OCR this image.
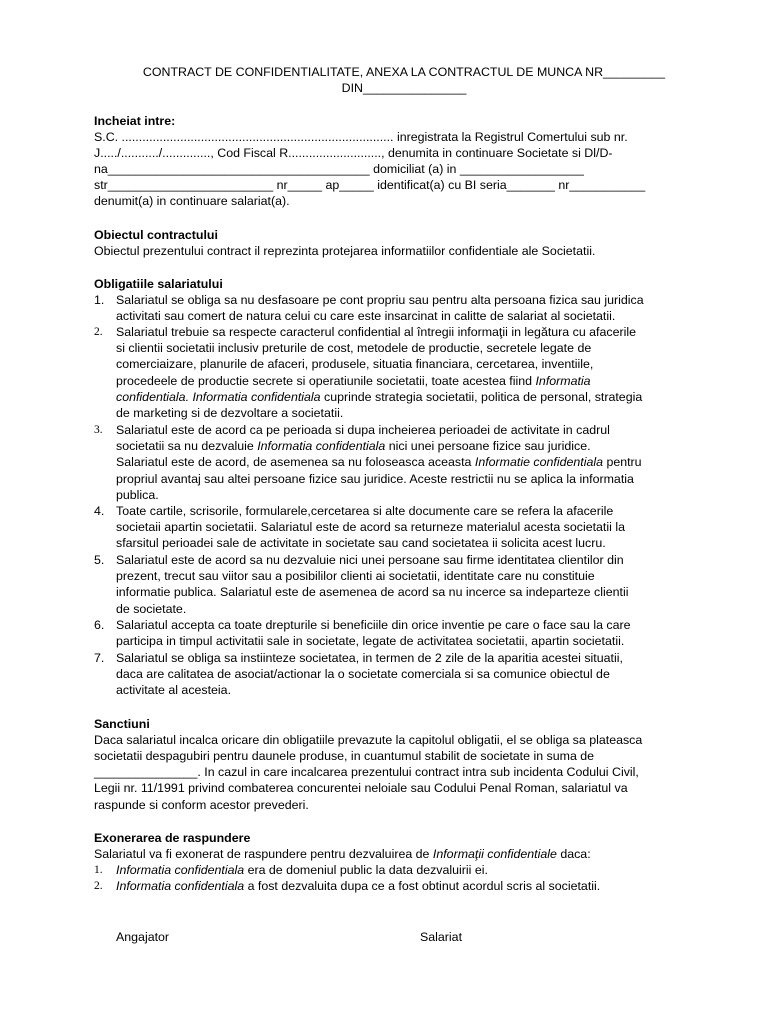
CONTRACT DE CONFIDENTIALITATE, ANEXA LA CONTRACTUL DE MUNCA NR_________
DIN_______________
Incheiat intre:
S.C. ............................................................................... inregistrata la Registrul Comertului sub nr.
J...../.........../.............., Cod Fiscal R..........................., denumita in continuare Societate si Dl/D-
na______________________________________ domiciliat (a) in __________________
str________________________ nr_____ ap_____ identificat(a) cu BI seria_______ nr___________
denumit(a) in continuare salariat(a).
Obiectul contractului
Obiectul prezentului contract il reprezinta protejarea informatiilor confidentiale ale Societatii.
Obligatiile salariatului
1. Salariatul se obliga sa nu desfasoare pe cont propriu sau pentru alta persoana fizica sau juridica
activitati sau comert de natura celui cu care este insarcinat in calitte de salariat al societatii.
2.	Salariatul trebuie sa respecte caracterul confidential al întregii informaţii in legătura cu afacerile
si clientii societatii inclusiv preturile de cost, metodele de productie, secretele legate de
comerciaizare, planurile de afaceri, produsele, situatia financiara, cercetarea, inventiile,
procedeele de productie secrete si operatiunile societatii, toate acestea fiind Informatia
confidentiala. Informatia confidentiala cuprinde strategia societatii, politica de personal, strategia
de marketing si de dezvoltare a societatii.
3.	Salariatul este de acord ca pe perioada si dupa incheierea perioadei de activitate in cadrul
societatii sa nu dezvaluie Informatia confidentiala nici unei persoane fizice sau juridice.
Salariatul este de acord, de asemenea sa nu foloseasca aceasta Informatie confidentiala pentru
propriul avantaj sau altei persoane fizice sau juridice. Aceste restrictii nu se aplica la informatia
publica.
4. Toate cartile, scrisorile, formularele,cercetarea si alte documente care se refera la afacerile
societaii apartin societatii. Salariatul este de acord sa returneze materialul acesta societatii la
sfarsitul perioadei sale de activitate in societate sau cand societatea ii solicita acest lucru.
5. Salariatul este de acord sa nu dezvaluie nici unei persoane sau firme identitatea clientilor din
prezent, trecut sau viitor sau a posibililor clienti ai societatii, identitate care nu constituie
informatie publica. Salariatul este de asemenea de acord sa nu incerce sa indeparteze clientii
de societate.
6. Salariatul accepta ca toate drepturile si beneficiile din orice inventie pe care o face sau la care
participa in timpul activitatii sale in societate, legate de activitatea societatii, apartin societatii.
7. Salariatul se obliga sa instiinteze societatea, in termen de 2 zile de la aparitia acestei situatii,
daca are calitatea de asociat/actionar la o societate comerciala si sa comunice obiectul de
activitate al acesteia.
Sanctiuni
Daca salariatul incalca oricare din obligatiile prevazute la capitolul obligatii, el se obliga sa plateasca
societatii despagubiri pentru daunele produse, in cuantumul stabilit de societate in suma de
_______________. In cazul in care incalcarea prezentului contract intra sub incidenta Codului Civil,
Legii nr. 11/1991 privind combaterea concurentei neloiale sau Codului Penal Roman, salariatul va
raspunde si conform acestor prevederi.
Exonerarea de raspundere
Salariatul va fi exonerat de raspundere pentru dezvaluirea de Informaţii confidentiale daca:
1.	Informatia confidentiala era de domeniul public la data dezvaluirii ei.
2.	Informatia confidentiala a fost dezvaluita dupa ce a fost obtinut acordul scris al societatii.
Angajator	Salariat
